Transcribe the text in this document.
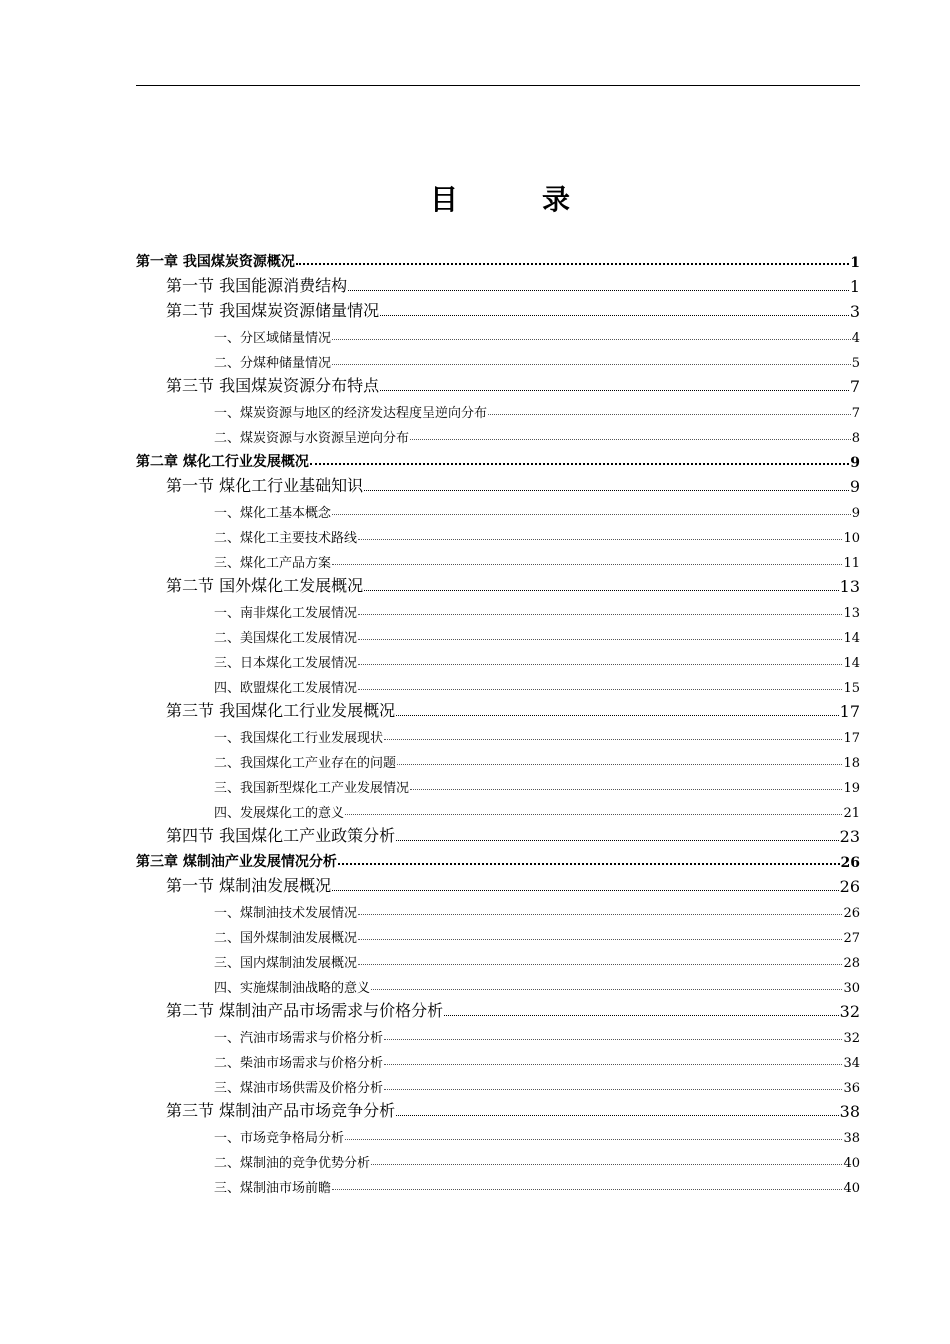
目　录
第一章 我国煤炭资源概况	1
第一节 我国能源消费结构	1
第二节 我国煤炭资源储量情况	3
一、分区域储量情况	4
二、分煤种储量情况	5
第三节 我国煤炭资源分布特点	7
一、煤炭资源与地区的经济发达程度呈逆向分布	7
二、煤炭资源与水资源呈逆向分布	8
第二章 煤化工行业发展概况	9
第一节 煤化工行业基础知识	9
一、煤化工基本概念	9
二、煤化工主要技术路线	10
三、煤化工产品方案	11
第二节 国外煤化工发展概况	13
一、南非煤化工发展情况	13
二、美国煤化工发展情况	14
三、日本煤化工发展情况	14
四、欧盟煤化工发展情况	15
第三节 我国煤化工行业发展概况	17
一、我国煤化工行业发展现状	17
二、我国煤化工产业存在的问题	18
三、我国新型煤化工产业发展情况	19
四、发展煤化工的意义	21
第四节 我国煤化工产业政策分析	23
第三章 煤制油产业发展情况分析	26
第一节 煤制油发展概况	26
一、煤制油技术发展情况	26
二、国外煤制油发展概况	27
三、国内煤制油发展概况	28
四、实施煤制油战略的意义	30
第二节 煤制油产品市场需求与价格分析	32
一、汽油市场需求与价格分析	32
二、柴油市场需求与价格分析	34
三、煤油市场供需及价格分析	36
第三节 煤制油产品市场竞争分析	38
一、市场竞争格局分析	38
二、煤制油的竞争优势分析	40
三、煤制油市场前瞻	40
